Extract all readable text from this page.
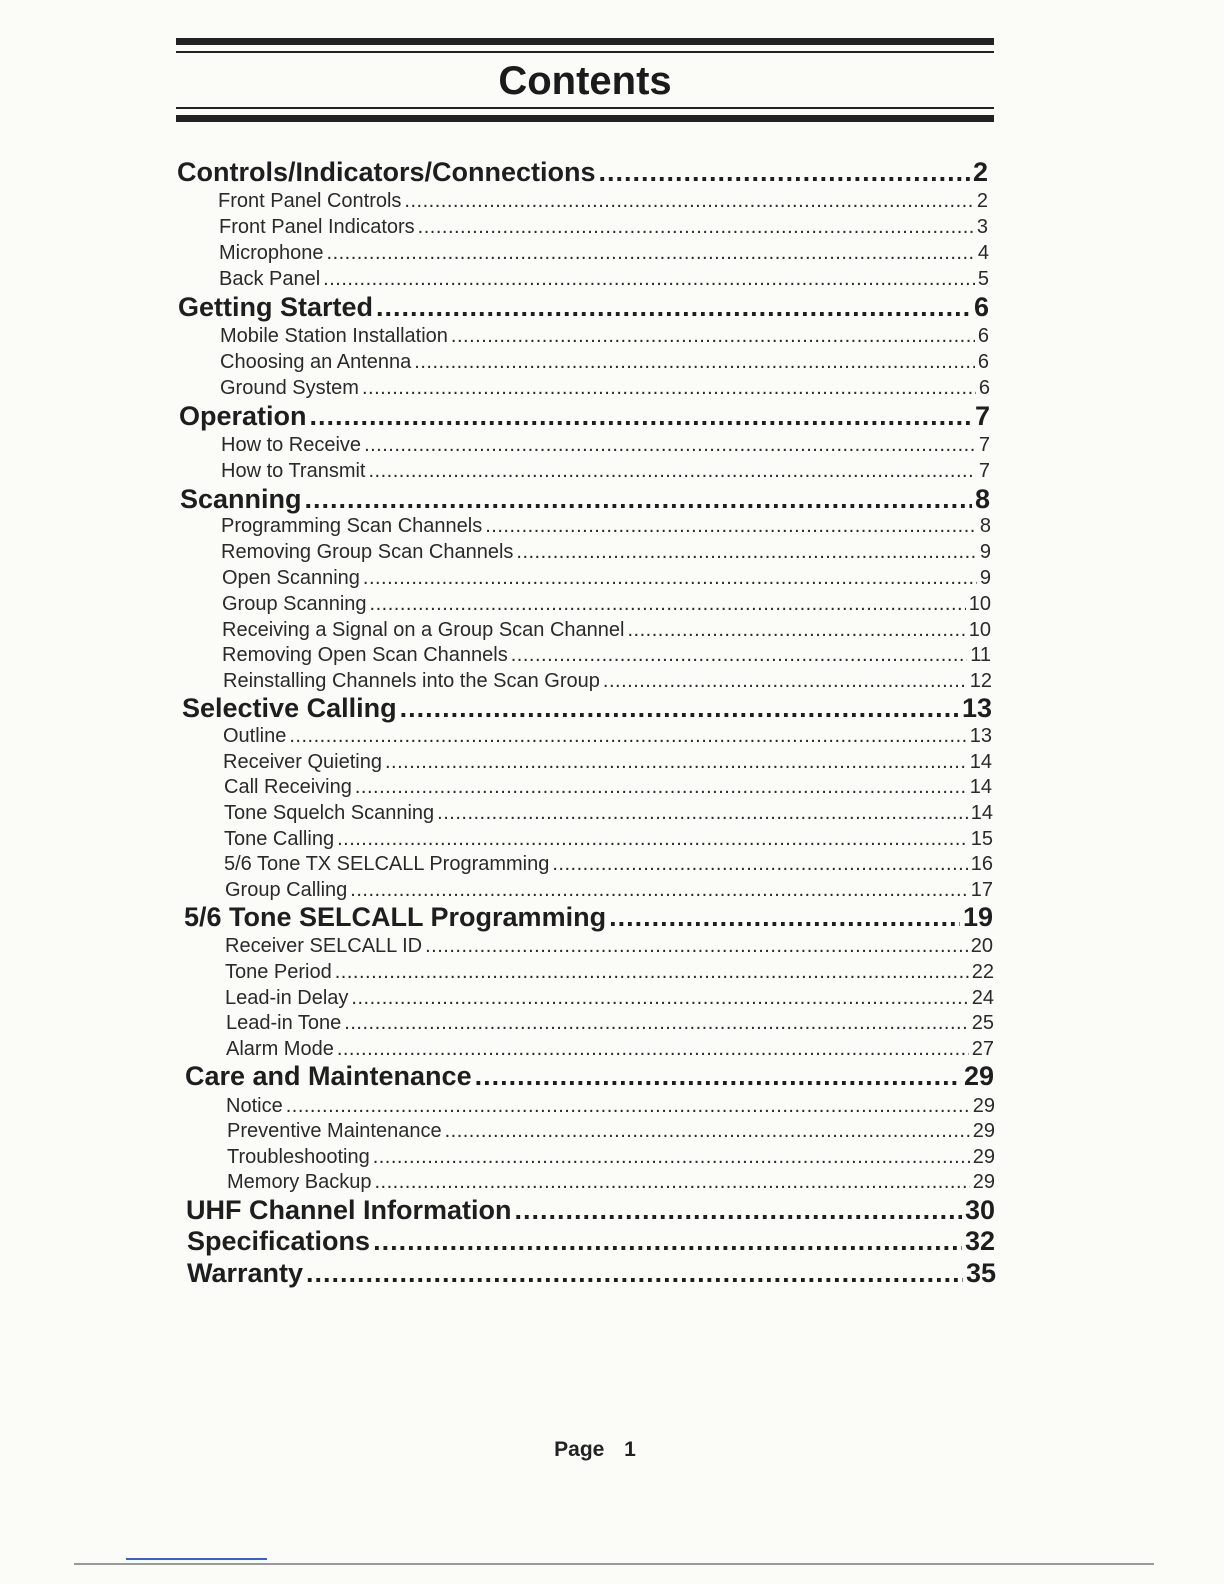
Contents
Controls/Indicators/Connections .....	2
Front Panel Controls .....	2
Front Panel Indicators .....	3
Microphone .....	4
Back Panel .....	5
Getting Started .....	6
Mobile Station Installation .....	6
Choosing an Antenna .....	6
Ground System .....	6
Operation .....	7
How to Receive .....	7
How to Transmit .....	7
Scanning .....	8
Programming Scan Channels .....	8
Removing Group Scan Channels .....	9
Open Scanning .....	9
Group Scanning .....	10
Receiving a Signal on a Group Scan Channel .....	10
Removing Open Scan Channels .....	11
Reinstalling Channels into the Scan Group .....	12
Selective Calling .....	13
Outline .....	13
Receiver Quieting .....	14
Call Receiving .....	14
Tone Squelch Scanning .....	14
Tone Calling .....	15
5/6 Tone TX SELCALL Programming .....	16
Group Calling .....	17
5/6 Tone SELCALL Programming .....	19
Receiver SELCALL ID .....	20
Tone Period .....	22
Lead-in Delay .....	24
Lead-in Tone .....	25
Alarm Mode .....	27
Care and Maintenance .....	29
Notice .....	29
Preventive Maintenance .....	29
Troubleshooting .....	29
Memory Backup .....	29
UHF Channel Information .....	30
Specifications .....	32
Warranty .....	35
Page 1
